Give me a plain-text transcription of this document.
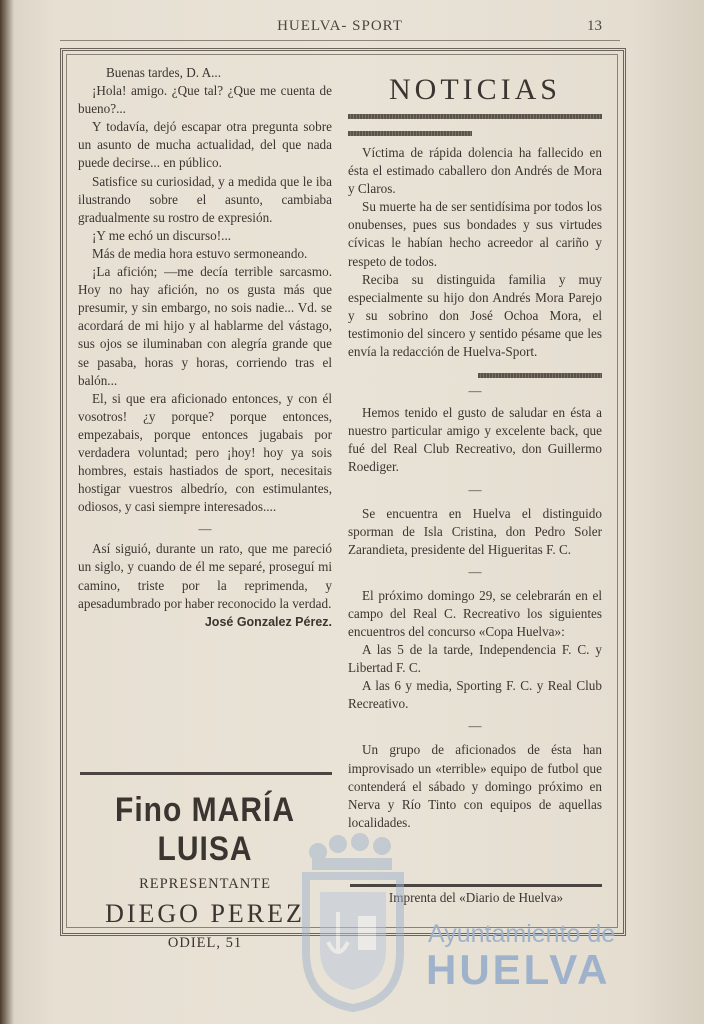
HUELVA- SPORT	13

Buenas tardes, D. A...

¡Hola! amigo. ¿Que tal? ¿Que me cuenta de bueno?...

Y todavía, dejó escapar otra pregunta sobre un asunto de mucha actualidad, del que nada puede decirse... en público.

Satisfice su curiosidad, y a medida que le iba ilustrando sobre el asunto, cambiaba gradualmente su rostro de expresión.

¡Y me echó un discurso!...

Más de media hora estuvo sermoneando.

¡La afición; —me decía terrible sarcasmo. Hoy no hay afición, no os gusta más que presumir, y sin embargo, no sois nadie... Vd. se acordará de mi hijo y al hablarme del vástago, sus ojos se iluminaban con alegría grande que se pasaba, horas y horas, corriendo tras el balón...

El, si que era aficionado entonces, y con él vosotros! ¿y porque? porque entonces, empezabais, porque entonces jugabais por verdadera voluntad; pero ¡hoy! hoy ya sois hombres, estais hastiados de sport, necesitais hostigar vuestros albedrío, con estimulantes, odiosos, y casi siempre interesados....

—

Así siguió, durante un rato, que me pareció un siglo, y cuando de él me separé, proseguí mi camino, triste por la reprimenda, y apesadumbrado por haber reconocido la verdad.

José Gonzalez Pérez.
Fino MARÍA LUISA
REPRESENTANTE
DIEGO PEREZ
ODIEL, 51
NOTICIAS

Víctima de rápida dolencia ha fallecido en ésta el estimado caballero don Andrés de Mora y Claros.

Su muerte ha de ser sentidísima por todos los onubenses, pues sus bondades y sus virtudes cívicas le habían hecho acreedor al cariño y respeto de todos.

Reciba su distinguida familia y muy especialmente su hijo don Andrés Mora Parejo y su sobrino don José Ochoa Mora, el testimonio del sincero y sentido pésame que les envía la redacción de Huelva-Sport.

—

Hemos tenido el gusto de saludar en ésta a nuestro particular amigo y excelente back, que fué del Real Club Recreativo, don Guillermo Roediger.

—

Se encuentra en Huelva el distinguido sporman de Isla Cristina, don Pedro Soler Zarandieta, presidente del Higueritas F. C.

—

El próximo domingo 29, se celebrarán en el campo del Real C. Recreativo los siguientes encuentros del concurso «Copa Huelva»:

A las 5 de la tarde, Independencia F. C. y Libertad F. C.

A las 6 y media, Sporting F. C. y Real Club Recreativo.

—

Un grupo de aficionados de ésta han improvisado un «terrible» equipo de futbol que contenderá el sábado y domingo próximo en Nerva y Río Tinto con equipos de aquellas localidades.

Imprenta del «Diario de Huelva»
Ayuntamiento de
HUELVA
